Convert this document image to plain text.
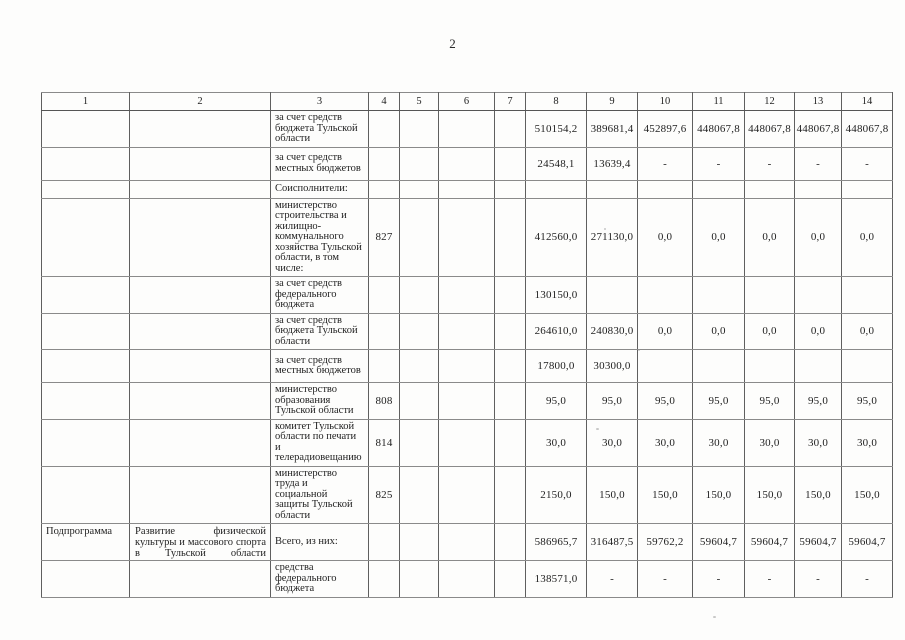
2
1	2	3	4	5	6	7	8	9	10	11	12	13	14
		за счет средств бюджета Тульской области					510154,2	389681,4	452897,6	448067,8	448067,8	448067,8	448067,8
		за счет средств местных бюджетов					24548,1	13639,4	-	-	-	-	-
		Соисполнители:											
		министерство строительства и жилищно-коммунального хозяйства Тульской области, в том числе:	827				412560,0	271130,0	0,0	0,0	0,0	0,0	0,0
		за счет средств федерального бюджета					130150,0						
		за счет средств бюджета Тульской области					264610,0	240830,0	0,0	0,0	0,0	0,0	0,0
		за счет средств местных бюджетов					17800,0	30300,0					
		министерство образования Тульской области	808				95,0	95,0	95,0	95,0	95,0	95,0	95,0
		комитет Тульской области по печати и телерадиовещанию	814				30,0	30,0	30,0	30,0	30,0	30,0	30,0
		министерство труда и социальной защиты Тульской области	825				2150,0	150,0	150,0	150,0	150,0	150,0	150,0
Подпрограмма	Развитие физической культуры и массового спорта в Тульской области	Всего, из них:					586965,7	316487,5	59762,2	59604,7	59604,7	59604,7	59604,7
		средства федерального бюджета					138571,0	-	-	-	-	-	-
